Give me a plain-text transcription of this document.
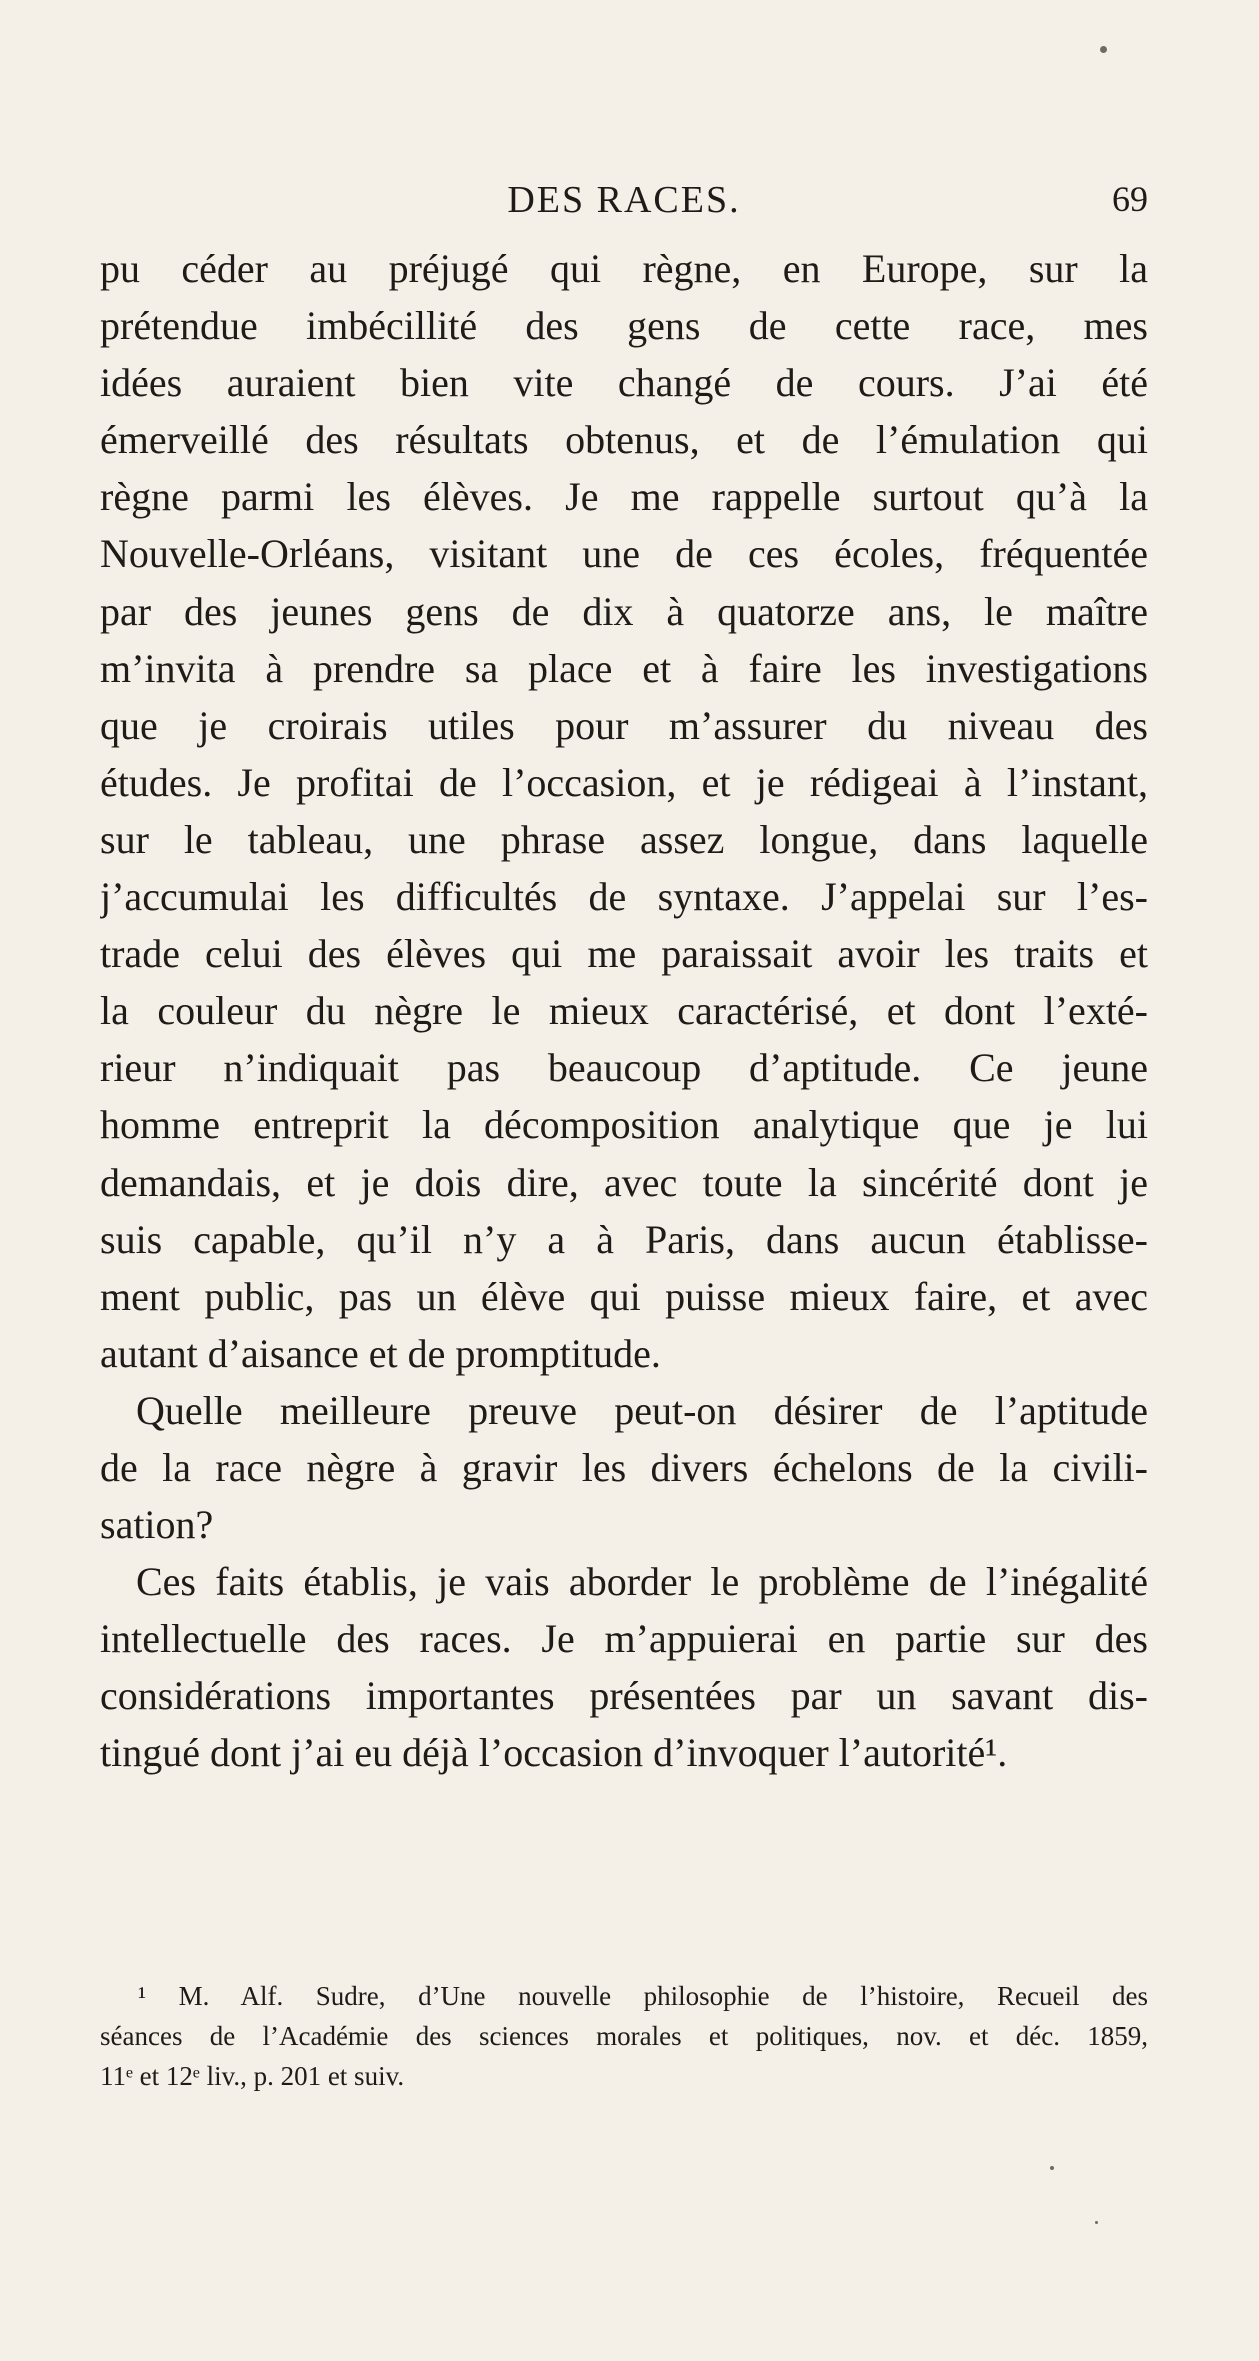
DES RACES.	69
pu céder au préjugé qui règne, en Europe, sur la
prétendue imbécillité des gens de cette race, mes
idées auraient bien vite changé de cours. J’ai été
émerveillé des résultats obtenus, et de l’émulation qui
règne parmi les élèves. Je me rappelle surtout qu’à la
Nouvelle-Orléans, visitant une de ces écoles, fréquentée
par des jeunes gens de dix à quatorze ans, le maître
m’invita à prendre sa place et à faire les investigations
que je croirais utiles pour m’assurer du niveau des
études. Je profitai de l’occasion, et je rédigeai à l’instant,
sur le tableau, une phrase assez longue, dans laquelle
j’accumulai les difficultés de syntaxe. J’appelai sur l’es-
trade celui des élèves qui me paraissait avoir les traits et
la couleur du nègre le mieux caractérisé, et dont l’exté-
rieur n’indiquait pas beaucoup d’aptitude. Ce jeune
homme entreprit la décomposition analytique que je lui
demandais, et je dois dire, avec toute la sincérité dont je
suis capable, qu’il n’y a à Paris, dans aucun établisse-
ment public, pas un élève qui puisse mieux faire, et avec
autant d’aisance et de promptitude.
Quelle meilleure preuve peut-on désirer de l’aptitude
de la race nègre à gravir les divers échelons de la civili-
sation?
Ces faits établis, je vais aborder le problème de l’inégalité
intellectuelle des races. Je m’appuierai en partie sur des
considérations importantes présentées par un savant dis-
tingué dont j’ai eu déjà l’occasion d’invoquer l’autorité¹.
¹ M. Alf. Sudre, d’Une nouvelle philosophie de l’histoire, Recueil des
séances de l’Académie des sciences morales et politiques, nov. et déc. 1859,
11ᵉ et 12ᵉ liv., p. 201 et suiv.
